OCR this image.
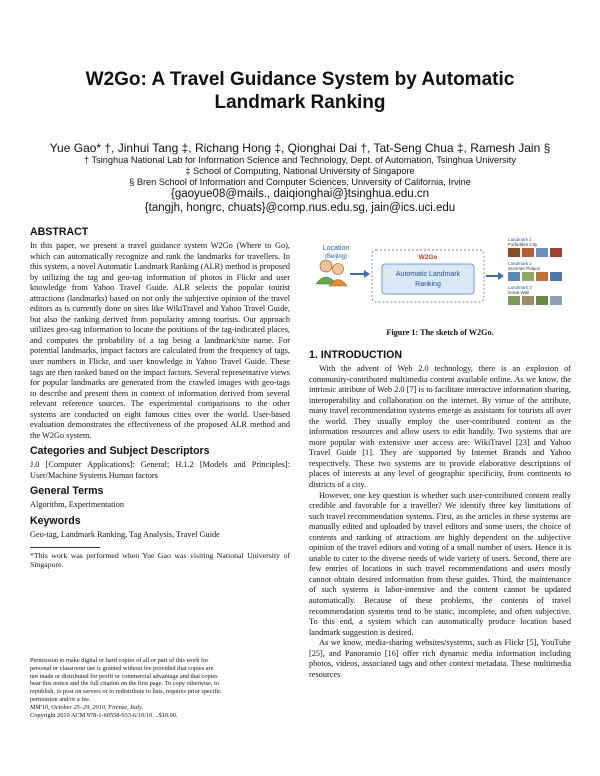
W2Go: A Travel Guidance System by Automatic
Landmark Ranking
Yue Gao* †, Jinhui Tang ‡, Richang Hong ‡, Qionghai Dai †, Tat-Seng Chua ‡, Ramesh Jain §
† Tsinghua National Lab for Information Science and Technology, Dept. of Automation, Tsinghua University
‡ School of Computing, National University of Singapore
§ Bren School of Information and Computer Sciences, University of California, Irvine
{gaoyue08@mails., daiqionghai@}tsinghua.edu.cn
{tangjh, hongrc, chuats}@comp.nus.edu.sg, jain@ics.uci.edu
ABSTRACT

In this paper, we present a travel guidance system W2Go (Where to Go), which can automatically recognize and rank the landmarks for travellers. In this system, a novel Automatic Landmark Ranking (ALR) method is proposed by utilizing the tag and geo-tag information of photos in Flickr and user knowledge from Yahoo Travel Guide. ALR selects the popular tourist attractions (landmarks) based on not only the subjective opinion of the travel editors as is currently done on sites like WikiTravel and Yahoo Travel Guide, but also the ranking derived from popularity among tourists. Our approach utilizes geo-tag information to locate the positions of the tag-indicated places, and computes the probability of a tag being a landmark/site name. For potential landmarks, impact factors are calculated from the frequency of tags, user numbers in Flickr, and user knowledge in Yahoo Travel Guide. These tags are then ranked based on the impact factors. Several representative views for popular landmarks are generated from the crawled images with geo-tags to describe and present them in context of information derived from several relevant reference sources. The experimental comparisons to the other systems are conducted on eight famous cities over the world. User-based evaluation demonstrates the effectiveness of the proposed ALR method and the W2Go system.

Categories and Subject Descriptors

J.0 [Computer Applications]: General; H.1.2 [Models and Principles]: User/Machine Systems Human factors

General Terms

Algorithm, Experimentation

Keywords

Geo-tag, Landmark Ranking, Tag Analysis, Travel Guide

*This work was performed when Yue Gao was visiting National University of Singapore.

Permission to make digital or hard copies of all or part of this work for
personal or classroom use is granted without fee provided that copies are
not made or distributed for profit or commercial advantage and that copies
bear this notice and the full citation on the first page. To copy otherwise, to
republish, to post on servers or to redistribute to lists, requires prior specific
permission and/or a fee.
MM'10, October 25–29, 2010, Firenze, Italy.
Copyright 2010 ACM 978-1-60558-933-6/10/10 ...$10.00.
Location
(Beijing)	W2Go
Automatic Landmark
Ranking
Landmark 1
Forbidden City
Landmark 2
Summer Palace
Landmark 3
Great Wall
Figure 1: The sketch of W2Go.
1. INTRODUCTION

With the advent of Web 2.0 technology, there is an explosion of community-contributed multimedia content available online. As we know, the intrinsic attribute of Web 2.0 [7] is to facilitate interactive information sharing, interoperability and collaboration on the internet. By virtue of the attribute, many travel recommendation systems emerge as assistants for tourists all over the world. They usually employ the user-contributed content as the information resources and allow users to edit handily. Two systems that are more popular with extensive user access are: WikiTravel [23] and Yahoo Travel Guide [1]. They are supported by Internet Brands and Yahoo respectively. These two systems are to provide elaborative descriptions of places of interests at any level of geographic specificity, from continents to districts of a city.

However, one key question is whether such user-contributed content really credible and favorable for a traveller? We identify three key limitations of such travel recommendation systems. First, as the articles in these systems are manually edited and uploaded by travel editors and some users, the choice of contents and ranking of attractions are highly dependent on the subjective opinion of the travel editors and voting of a small number of users. Hence it is unable to cater to the diverse needs of wide variety of users. Second, there are few entries of locations in such travel recommendations and users mostly cannot obtain desired information from these guides. Third, the maintenance of such systems is labor-intensive and the content cannot be updated automatically. Because of these problems, the contents of travel recommendation systems tend to be static, incomplete, and often subjective. To this end, a system which can automatically produce location based landmark suggestion is desired.

As we know, media-sharing websites/systems, such as Flickr [5], YouTube [25], and Panoramio [16] offer rich dynamic media information including photos, videos, associated tags and other context metadata. These multimedia resources
